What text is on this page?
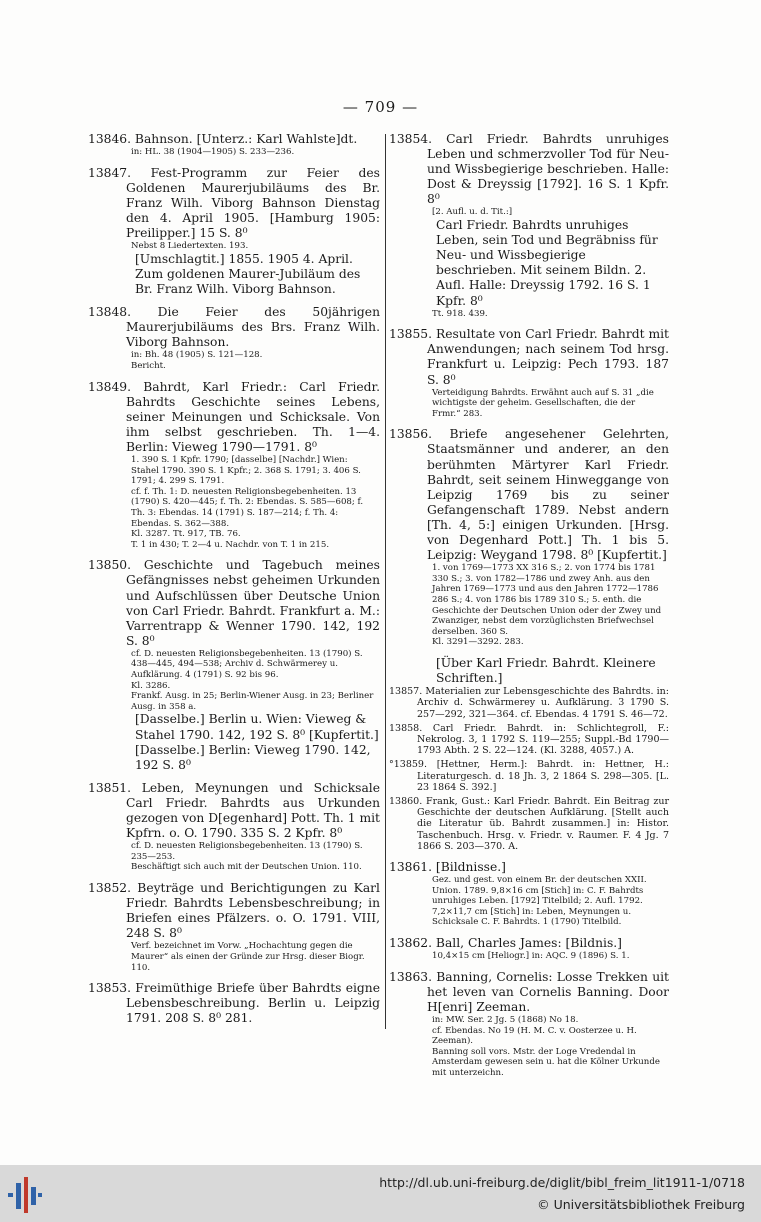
— 709 —
13846. Bahnson. [Unterz.: Karl Wahlste]dt.
in: HL. 38 (1904—1905) S. 233—236.
13847. Fest-Programm zur Feier des Goldenen Maurerjubiläums des Br. Franz Wilh. Viborg Bahnson Dienstag den 4. April 1905. [Hamburg 1905: Preilipper.] 15 S. 8⁰
Nebst 8 Liedertexten. 193.
[Umschlagtit.] 1855. 1905 4. April. Zum goldenen Maurer-Jubiläum des Br. Franz Wilh. Viborg Bahnson.
13848. Die Feier des 50jährigen Maurerjubiläums des Brs. Franz Wilh. Viborg Bahnson.
in: Bh. 48 (1905) S. 121—128.
Bericht.
13849. Bahrdt, Karl Friedr.: Carl Friedr. Bahrdts Geschichte seines Lebens, seiner Meinungen und Schicksale. Von ihm selbst geschrieben. Th. 1—4. Berlin: Vieweg 1790—1791. 8⁰
1. 390 S. 1 Kpfr. 1790; [dasselbe] [Nachdr.] Wien: Stahel 1790. 390 S. 1 Kpfr.; 2. 368 S. 1791; 3. 406 S. 1791; 4. 299 S. 1791.
cf. f. Th. 1: D. neuesten Religionsbegebenheiten. 13 (1790) S. 420—445; f. Th. 2: Ebendas. S. 585—608; f. Th. 3: Ebendas. 14 (1791) S. 187—214; f. Th. 4: Ebendas. S. 362—388.
Kl. 3287. Tt. 917, TB. 76.
T. 1 in 430; T. 2—4 u. Nachdr. von T. 1 in 215.
13850. Geschichte und Tagebuch meines Gefängnisses nebst geheimen Urkunden und Aufschlüssen über Deutsche Union von Carl Friedr. Bahrdt. Frankfurt a. M.: Varrentrapp & Wenner 1790. 142, 192 S. 8⁰
cf. D. neuesten Religionsbegebenheiten. 13 (1790) S. 438—445, 494—538; Archiv d. Schwärmerey u. Aufklärung. 4 (1791) S. 92 bis 96.
Kl. 3286.
Frankf. Ausg. in 25; Berlin-Wiener Ausg. in 23; Berliner Ausg. in 358 a.
[Dasselbe.] Berlin u. Wien: Vieweg & Stahel 1790. 142, 192 S. 8⁰ [Kupfertit.]
[Dasselbe.] Berlin: Vieweg 1790. 142, 192 S. 8⁰
13851. Leben, Meynungen und Schicksale Carl Friedr. Bahrdts aus Urkunden gezogen von D[egenhard] Pott. Th. 1 mit Kpfrn. o. O. 1790. 335 S. 2 Kpfr. 8⁰
cf. D. neuesten Religionsbegebenheiten. 13 (1790) S. 235—253.
Beschäftigt sich auch mit der Deutschen Union. 110.
13852. Beyträge und Berichtigungen zu Karl Friedr. Bahrdts Lebensbeschreibung; in Briefen eines Pfälzers. o. O. 1791. VIII, 248 S. 8⁰
Verf. bezeichnet im Vorw. „Hochachtung gegen die Maurer“ als einen der Gründe zur Hrsg. dieser Biogr. 110.
13853. Freimüthige Briefe über Bahrdts eigne Lebensbeschreibung. Berlin u. Leipzig 1791. 208 S. 8⁰ 281.
13854. Carl Friedr. Bahrdts unruhiges Leben und schmerzvoller Tod für Neu- und Wissbegierige beschrieben. Halle: Dost & Dreyssig [1792]. 16 S. 1 Kpfr. 8⁰
[2. Aufl. u. d. Tit.:]
Carl Friedr. Bahrdts unruhiges Leben, sein Tod und Begräbniss für Neu- und Wissbegierige beschrieben. Mit seinem Bildn. 2. Aufl. Halle: Dreyssig 1792. 16 S. 1 Kpfr. 8⁰
Tt. 918. 439.
13855. Resultate von Carl Friedr. Bahrdt mit Anwendungen; nach seinem Tod hrsg. Frankfurt u. Leipzig: Pech 1793. 187 S. 8⁰
Verteidigung Bahrdts. Erwähnt auch auf S. 31 „die wichtigste der geheim. Gesellschaften, die der Frmr.“ 283.
13856. Briefe angesehener Gelehrten, Staatsmänner und anderer, an den berühmten Märtyrer Karl Friedr. Bahrdt, seit seinem Hinweggange von Leipzig 1769 bis zu seiner Gefangenschaft 1789. Nebst andern [Th. 4, 5:] einigen Urkunden. [Hrsg. von Degenhard Pott.] Th. 1 bis 5. Leipzig: Weygand 1798. 8⁰ [Kupfertit.]
1. von 1769—1773 XX 316 S.; 2. von 1774 bis 1781 330 S.; 3. von 1782—1786 und zwey Anh. aus den Jahren 1769—1773 und aus den Jahren 1772—1786 286 S.; 4. von 1786 bis 1789 310 S.; 5. enth. die Geschichte der Deutschen Union oder der Zwey und Zwanziger, nebst dem vorzüglichsten Briefwechsel derselben. 360 S.
Kl. 3291—3292. 283.
[Über Karl Friedr. Bahrdt. Kleinere Schriften.]
13857. Materialien zur Lebensgeschichte des Bahrdts. in: Archiv d. Schwärmerey u. Aufklärung. 3 1790 S. 257—292, 321—364. cf. Ebendas. 4 1791 S. 46—72.
13858. Carl Friedr. Bahrdt. in: Schlichtegroll, F.: Nekrolog. 3, 1 1792 S. 119—255; Suppl.-Bd 1790—1793 Abth. 2 S. 22—124. (Kl. 3288, 4057.) A.
°13859. [Hettner, Herm.]: Bahrdt. in: Hettner, H.: Literaturgesch. d. 18 Jh. 3, 2 1864 S. 298—305. [L. 23 1864 S. 392.]
13860. Frank, Gust.: Karl Friedr. Bahrdt. Ein Beitrag zur Geschichte der deutschen Aufklärung. [Stellt auch die Literatur üb. Bahrdt zusammen.] in: Histor. Taschenbuch. Hrsg. v. Friedr. v. Raumer. F. 4 Jg. 7 1866 S. 203—370. A.
13861. [Bildnisse.]
Gez. und gest. von einem Br. der deutschen XXII. Union. 1789. 9,8×16 cm [Stich] in: C. F. Bahrdts unruhiges Leben. [1792] Titelbild; 2. Aufl. 1792.
7,2×11,7 cm [Stich] in: Leben, Meynungen u. Schicksale C. F. Bahrdts. 1 (1790) Titelbild.
13862. Ball, Charles James: [Bildnis.]
10,4×15 cm [Heliogr.] in: AQC. 9 (1896) S. 1.
13863. Banning, Cornelis: Losse Trekken uit het leven van Cornelis Banning. Door H[enri] Zeeman.
in: MW. Ser. 2 Jg. 5 (1868) No 18.
cf. Ebendas. No 19 (H. M. C. v. Oosterzee u. H. Zeeman).
Banning soll vors. Mstr. der Loge Vredendal in Amsterdam gewesen sein u. hat die Kölner Urkunde mit unterzeichn.
http://dl.ub.uni-freiburg.de/diglit/bibl_freim_lit1911-1/0718
© Universitätsbibliothek Freiburg
